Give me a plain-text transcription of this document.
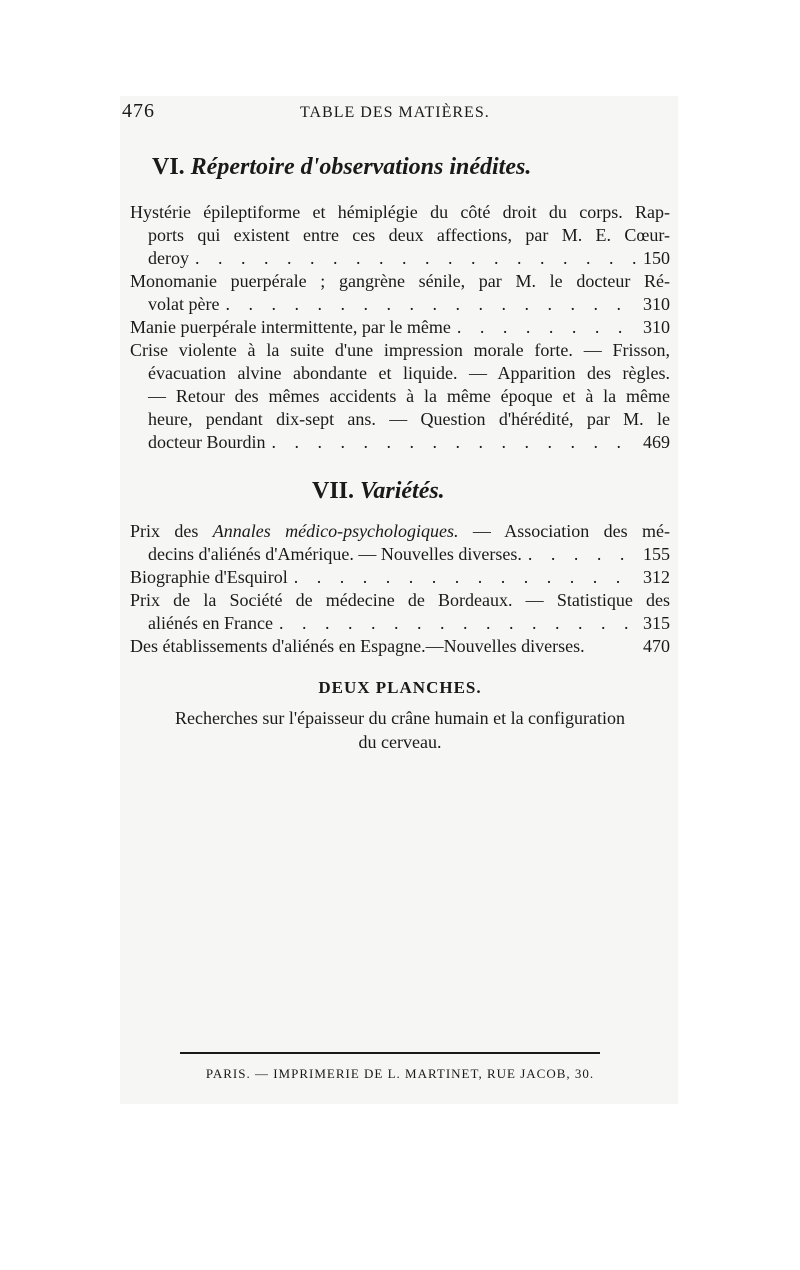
476	TABLE DES MATIÈRES.
VI. Répertoire d'observations inédites.
Hystérie épileptiforme et hémiplégie du côté droit du corps. Rap-
ports qui existent entre ces deux affections, par M. E. Cœur-
deroy . . .	150
Monomanie puerpérale ; gangrène sénile, par M. le docteur Ré-
volat père . . .	310
Manie puerpérale intermittente, par le même . . .	310
Crise violente à la suite d'une impression morale forte. — Frisson,
évacuation alvine abondante et liquide. — Apparition des règles.
— Retour des mêmes accidents à la même époque et à la même
heure, pendant dix-sept ans. — Question d'hérédité, par M. le
docteur Bourdin . . .	469
VII. Variétés.
Prix des Annales médico-psychologiques. — Association des mé-
decins d'aliénés d'Amérique. — Nouvelles diverses. . . .	155
Biographie d'Esquirol . . .	312
Prix de la Société de médecine de Bordeaux. — Statistique des
aliénés en France . . .	315
Des établissements d'aliénés en Espagne.—Nouvelles diverses.	470
DEUX PLANCHES.
Recherches sur l'épaisseur du crâne humain et la configuration
du cerveau.
PARIS. — IMPRIMERIE DE L. MARTINET, RUE JACOB, 30.
